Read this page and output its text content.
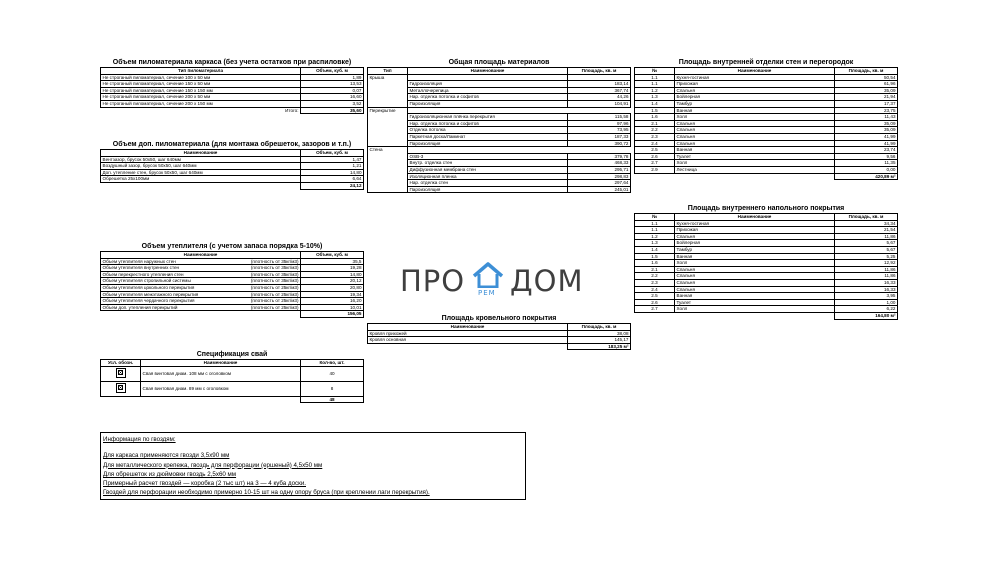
Объем пиломатериала каркаса (без учета остатков при распиловке)
Тип пиломатериала	Объем, куб. м
Не строганый пиломатериал, сечение 100 х 50 мм	1,89
Не строганый пиломатериал, сечение 150 х 50 мм	13,53
Не строганый пиломатериал, сечение 150 х 150 мм	0,07
Не строганый пиломатериал, сечение 200 х 50 мм	16,60
Не строганый пиломатериал, сечение 200 х 150 мм	3,52
Итого:	35,60
Объем доп. пиломатериала (для монтажа обрешеток, зазоров и т.п.)
Наименование	Объем, куб. м
Вентзазор, брусок 50х50, шаг 640мм	1,47
Воздушный зазор, брусок 50х50, шаг 640мм	1,21
Доп. утепление стен, брусок 50х50, шаг 640мм	14,80
Обрешетка 25х100мм	6,64
	24,12
Объем утеплителя (с учетом запаса порядка 5-10%)
Наименование		Объем, куб. м
Объем утеплителя наружных стен	(плотность от 35кг/м3)	35,5
Объем утеплителя внутренних стен	(плотность от 35кг/м3)	19,28
Объем перекрестного утепления стен	(плотность от 35кг/м3)	14,80
Объем утеплителя стропильной системы	(плотность от 35кг/м3)	20,12
Объем утеплителя цокольного перекрытия	(плотность от 25кг/м3)	20,80
Объем утеплителя межэтажного перекрытия	(плотность от 25кг/м3)	19,34
Объем утеплителя чердачного перекрытия	(плотность от 25кг/м3)	16,20
Объем доп. утепления перекрытий	(плотность от 25кг/м3)	10,01
		156,05
Спецификация свай
Усл. обозн.	Наименование	Кол-во, шт.
	Свая винтовая диам. 108 мм с оголовком	40
	Свая винтовая диам. 89 мм с оголовком	8
		48
Общая площадь материалов
Тип	Наименование	Площадь, кв. м
Крыша		
	Гидроизоляция	183,14
	Металлочерепица	367,74
	Нар. отделка потолка и софитов	44,26
	Пароизоляция	104,91
Перекрытие		
	Гидроизоляционная плёнка перекрытия	115,58
	Нар. отделка потолка и софитов	97,96
	Отделка потолка	73,95
	Паркетная доска/Ламинат	187,33
	Пароизоляция	390,72
Стена		
	OSB-3	379,78
	Внутр. отделка стен	468,33
	Диффузионная мембрана стен	295,71
	Изоляционная пленка	298,83
	Нар. отделка стен	297,64
	Пароизоляция	245,01
ПРО РЕМ ДОМ
Площадь кровельного покрытия
Наименование	Площадь, кв. м
Кровля прихожей	38,08
Кровля основная	145,17
	183,25 м²
Площадь внутренней отделки стен и перегородок
№	Наименование	Площадь, кв. м
1.1	Кухня-гостиная	50,54
1.1	Прихожая	61,96
1.2	Спальня	35,09
1.3	Бойлерная	21,94
1.4	Тамбур	17,37
1.5	Ванная	23,75
1.6	Холл	11,43
2.1	Спальня	35,09
2.2	Спальня	35,09
2.3	Спальня	41,99
2.4	Спальня	41,99
2.5	Ванная	23,74
2.6	Туалет	9,56
2.7	Холл	11,35
2.9	Лестница	0,00
		420,89 м²
Площадь внутреннего напольного покрытия
№	Наименование	Площадь, кв. м
1.1	Кухня-гостиная	34,34
1.1	Прихожая	21,54
1.2	Спальня	11,86
1.3	Бойлерная	5,67
1.4	Тамбур	5,67
1.5	Ванная	5,25
1.6	Холл	12,92
2.1	Спальня	11,86
2.2	Спальня	11,86
2.3	Спальня	16,33
2.4	Спальня	16,33
2.5	Ванная	3,95
2.6	Туалет	1,00
2.7	Холл	6,22
		164,80 м²
Информация по гвоздям:
Для каркаса применяются гвозди 3,5х90 мм
Для металлического крепежа, гвоздь для перфорации (ершеный) 4,5х50 мм
Для обрешеток из дюймовки гвоздь 2,5х60 мм
Примерный расчет гвоздей — коробка (2 тыс шт) на 3 — 4 куба доски.
Гвоздей для перфорации необходимо примерно 10-15 шт на одну опору бруса (при креплении лаги перекрытия).
